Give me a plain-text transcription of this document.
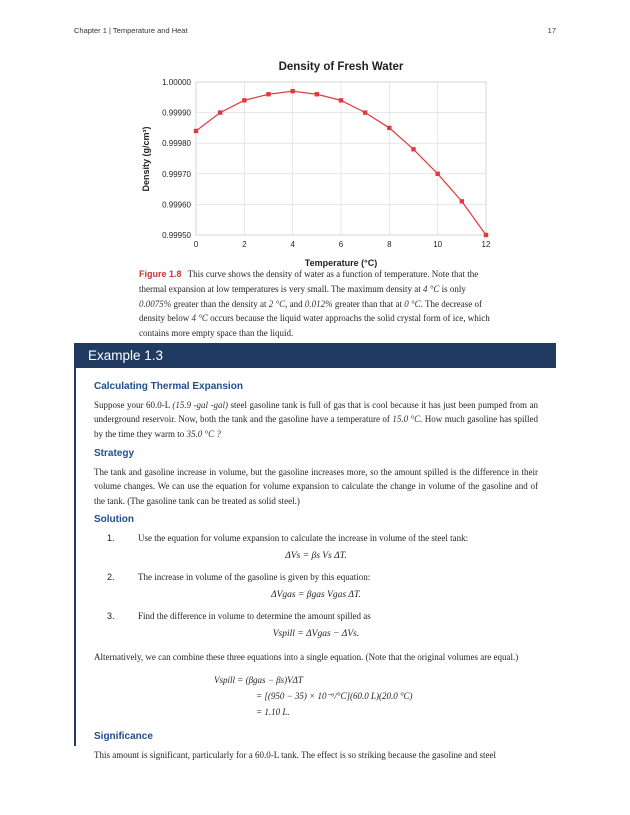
Chapter 1 | Temperature and Heat	17
Density of Fresh Water
1.00000
0.99990
0.99980
0.99970
0.99960
0.99950
0	2	4	6	8	10	12
Temperature (°C)
Density (g/cm³)
Figure 1.8 This curve shows the density of water as a function of temperature. Note that the thermal expansion at low temperatures is very small. The maximum density at 4 °C is only 0.0075% greater than the density at 2 °C, and 0.012% greater than that at 0 °C. The decrease of density below 4 °C occurs because the liquid water approachs the solid crystal form of ice, which contains more empty space than the liquid.
Example 1.3
Calculating Thermal Expansion

Suppose your 60.0-L (15.9 -gal -gal) steel gasoline tank is full of gas that is cool because it has just been pumped from an underground reservoir. Now, both the tank and the gasoline have a temperature of 15.0 °C. How much gasoline has spilled by the time they warm to 35.0 °C ?

Strategy

The tank and gasoline increase in volume, but the gasoline increases more, so the amount spilled is the difference in their volume changes. We can use the equation for volume expansion to calculate the change in volume of the gasoline and of the tank. (The gasoline tank can be treated as solid steel.)

Solution
1.	Use the equation for volume expansion to calculate the increase in volume of the steel tank:
ΔVs = βs Vs ΔT.
2.	The increase in volume of the gasoline is given by this equation:
ΔVgas = βgas Vgas ΔT.
3.	Find the difference in volume to determine the amount spilled as
Vspill = ΔVgas − ΔVs.

Alternatively, we can combine these three equations into a single equation. (Note that the original volumes are equal.)

Vspill = (βgas − βs)VΔT
= [(950 − 35) × 10⁻⁶/°C](60.0 L)(20.0 °C)
= 1.10 L.
Significance

This amount is significant, particularly for a 60.0-L tank. The effect is so striking because the gasoline and steel
